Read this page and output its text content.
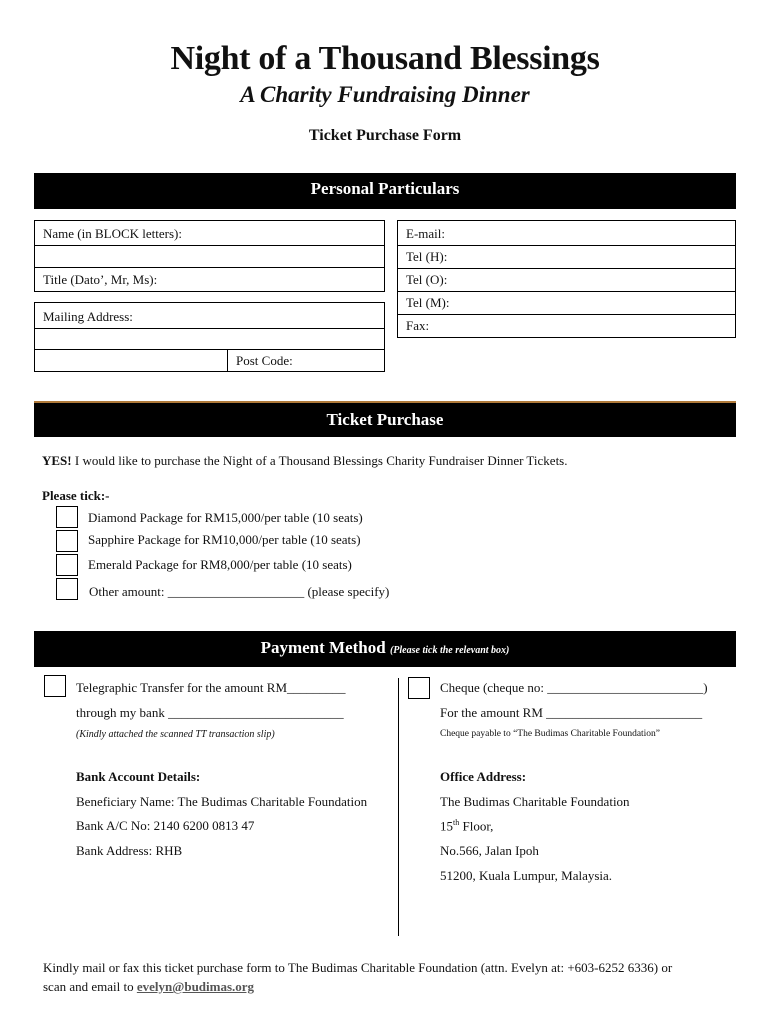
Night of a Thousand Blessings
A Charity Fundraising Dinner
Ticket Purchase Form
Personal Particulars
Name (in BLOCK letters):
Title (Dato’, Mr, Ms):
Mailing Address:
Post Code:
E-mail:
Tel (H):
Tel (O):
Tel (M):
Fax:
Ticket Purchase
YES! I would like to purchase the Night of a Thousand Blessings Charity Fundraiser Dinner Tickets.
Please tick:-
Diamond Package for RM15,000/per table (10 seats)
Sapphire Package for RM10,000/per table (10 seats)
Emerald Package for RM8,000/per table (10 seats)
Other amount: _____________________ (please specify)
Payment Method (Please tick the relevant box)
Telegraphic Transfer for the amount RM_________
through my bank ___________________________
(Kindly attached the scanned TT transaction slip)
Bank Account Details:
Beneficiary Name: The Budimas Charitable Foundation
Bank A/C No: 2140 6200 0813 47
Bank Address: RHB
Cheque (cheque no: ________________________)
For the amount RM ________________________
Cheque payable to “The Budimas Charitable Foundation”
Office Address:
The Budimas Charitable Foundation
15th Floor,
No.566, Jalan Ipoh
51200, Kuala Lumpur, Malaysia.
Kindly mail or fax this ticket purchase form to The Budimas Charitable Foundation (attn. Evelyn at: +603-6252 6336) or
scan and email to evelyn@budimas.org
